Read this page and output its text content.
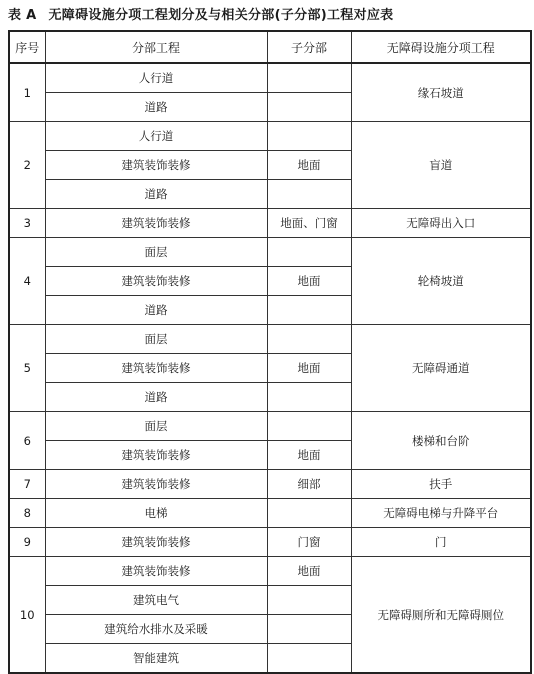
表 A 无障碍设施分项工程划分及与相关分部(子分部)工程对应表
序号	分部工程	子分部	无障碍设施分项工程
1	人行道		缘石坡道
	道路		
2	人行道		盲道
	建筑装饰装修	地面	
	道路		
3	建筑装饰装修	地面、门窗	无障碍出入口
4	面层		轮椅坡道
	建筑装饰装修	地面	
	道路		
5	面层		无障碍通道
	建筑装饰装修	地面	
	道路		
6	面层		楼梯和台阶
	建筑装饰装修	地面	
7	建筑装饰装修	细部	扶手
8	电梯		无障碍电梯与升降平台
9	建筑装饰装修	门窗	门
10	建筑装饰装修	地面	无障碍厕所和无障碍厕位
	建筑电气		
	建筑给水排水及采暖		
	智能建筑		
